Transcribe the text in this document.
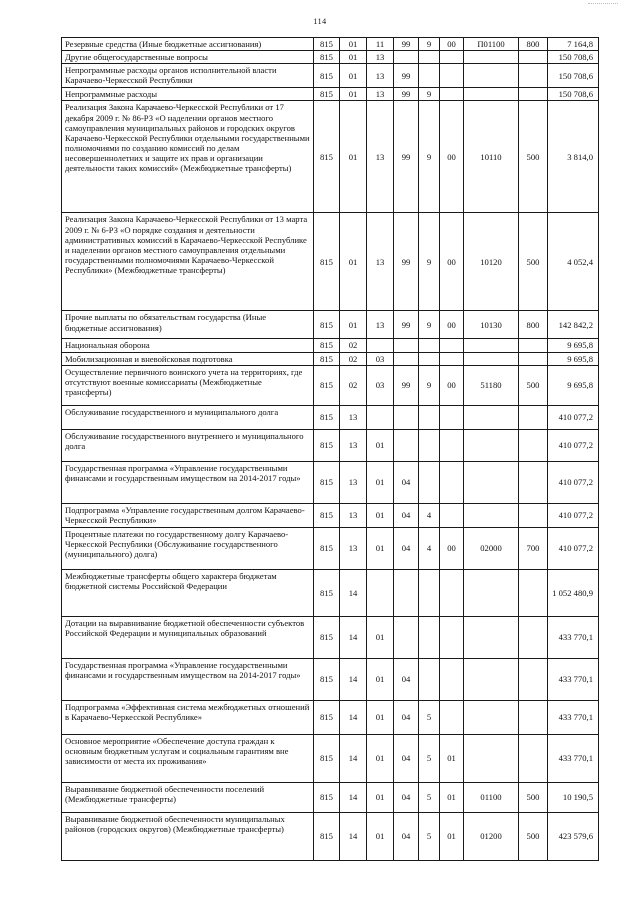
114
Резервные средства (Иные бюджетные ассигнования)	815	01	11	99	9	00	П01100	800	7 164,8
Другие общегосударственные вопросы	815	01	13						150 708,6
Непрограммные расходы органов исполнительной власти Карачаево-Черкесской Республики	815	01	13	99					150 708,6
Непрограммные расходы	815	01	13	99	9				150 708,6
Реализация Закона Карачаево-Черкесской Республики от 17 декабря 2009 г. № 86-РЗ «О наделении органов местного самоуправления муниципальных районов и городских округов Карачаево-Черкесской Республики отдельными государственными полномочиями по созданию комиссий по делам несовершеннолетних и защите их прав и организации деятельности таких комиссий» (Межбюджетные трансферты)	815	01	13	99	9	00	10110	500	3 814,0
Реализация Закона Карачаево-Черкесской Республики от 13 марта 2009 г. № 6-РЗ «О порядке создания и деятельности административных комиссий в Карачаево-Черкесской Республике и наделении органов местного самоуправления отдельными государственными полномочиями Карачаево-Черкесской Республики» (Межбюджетные трансферты)	815	01	13	99	9	00	10120	500	4 052,4
Прочие выплаты по обязательствам государства (Иные бюджетные ассигнования)	815	01	13	99	9	00	10130	800	142 842,2
Национальная оборона	815	02							9 695,8
Мобилизационная и вневойсковая подготовка	815	02	03						9 695,8
Осуществление первичного воинского учета на территориях, где отсутствуют военные комиссариаты (Межбюджетные трансферты)	815	02	03	99	9	00	51180	500	9 695,8
Обслуживание государственного и муниципального долга	815	13							410 077,2
Обслуживание государственного внутреннего и муниципального долга	815	13	01						410 077,2
Государственная программа «Управление государственными финансами и государственным имуществом на 2014-2017 годы»	815	13	01	04					410 077,2
Подпрограмма «Управление государственным долгом Карачаево-Черкесской Республики»	815	13	01	04	4				410 077,2
Процентные платежи по государственному долгу Карачаево-Черкесской Республики (Обслуживание государственного (муниципального) долга)	815	13	01	04	4	00	02000	700	410 077,2
Межбюджетные трансферты общего характера бюджетам бюджетной системы Российской Федерации	815	14							1 052 480,9
Дотации на выравнивание бюджетной обеспеченности субъектов Российской Федерации и муниципальных образований	815	14	01						433 770,1
Государственная программа «Управление государственными финансами и государственным имуществом на 2014-2017 годы»	815	14	01	04					433 770,1
Подпрограмма «Эффективная система межбюджетных отношений в Карачаево-Черкесской Республике»	815	14	01	04	5				433 770,1
Основное мероприятие «Обеспечение доступа граждан к основным бюджетным услугам и социальным гарантиям вне зависимости от места их проживания»	815	14	01	04	5	01			433 770,1
Выравнивание бюджетной обеспеченности поселений (Межбюджетные трансферты)	815	14	01	04	5	01	01100	500	10 190,5
Выравнивание бюджетной обеспеченности муниципальных районов (городских округов) (Межбюджетные трансферты)	815	14	01	04	5	01	01200	500	423 579,6
